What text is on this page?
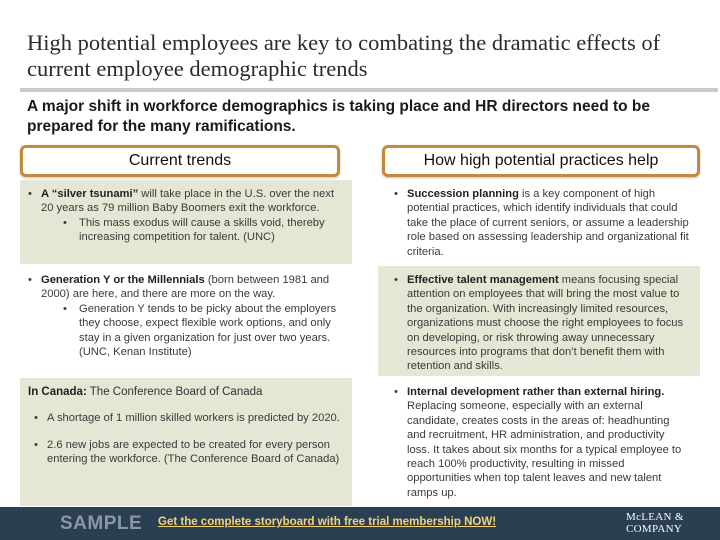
High potential employees are key to combating the dramatic effects of current employee demographic trends
A major shift in workforce demographics is taking place and HR directors need to be prepared for the many ramifications.
Current trends	How high potential practices help
• A “silver tsunami” will take place in the U.S. over the next 20 years as 79 million Baby Boomers exit the workforce.
• This mass exodus will cause a skills void, thereby increasing competition for talent. (UNC)
• Succession planning is a key component of high potential practices, which identify individuals that could take the place of current seniors, or assume a leadership role based on assessing leadership and organizational fit criteria.
• Generation Y or the Millennials (born between 1981 and 2000) are here, and there are more on the way.
• Generation Y tends to be picky about the employers they choose, expect flexible work options, and only stay in a given organization for just over two years. (UNC, Kenan Institute)
• Effective talent management means focusing special attention on employees that will bring the most value to the organization. With increasingly limited resources, organizations must choose the right employees to focus on developing, or risk throwing away unnecessary resources into programs that don’t benefit them with retention and skills.
In Canada: The Conference Board of Canada
• A shortage of 1 million skilled workers is predicted by 2020.
• 2.6 new jobs are expected to be created for every person entering the workforce. (The Conference Board of Canada)
• Internal development rather than external hiring. Replacing someone, especially with an external candidate, creates costs in the areas of: headhunting and recruitment, HR administration, and productivity loss. It takes about six months for a typical employee to reach 100% productivity, resulting in missed opportunities when top talent leaves and new talent ramps up.
SAMPLE Get the complete storyboard with free trial membership NOW!	McLEAN &
COMPANY
